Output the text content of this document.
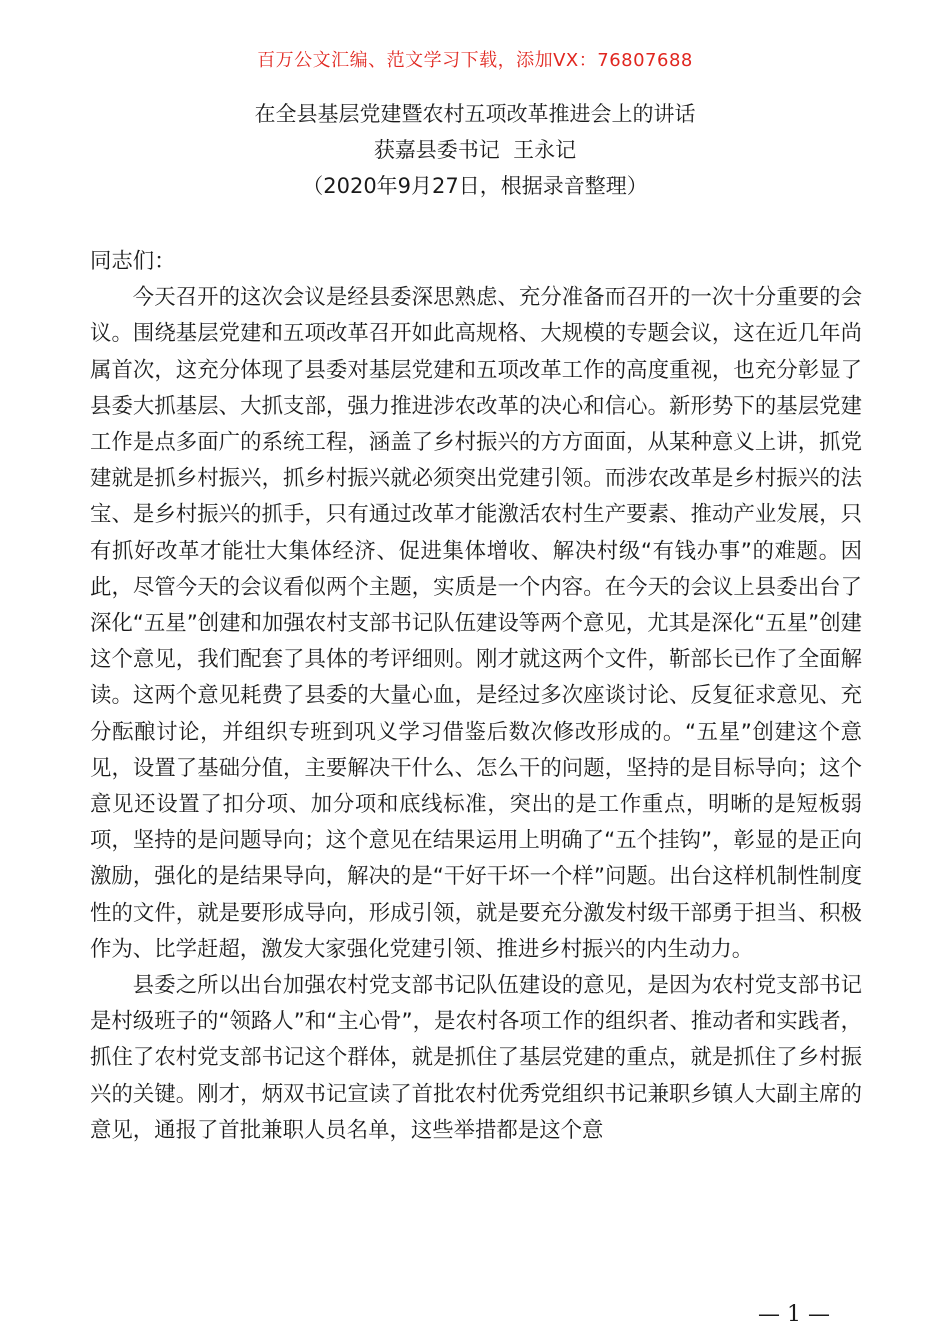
百万公文汇编、范文学习下载，添加VX：76807688
在全县基层党建暨农村五项改革推进会上的讲话
获嘉县委书记  王永记
（2020年9月27日，根据录音整理）

同志们：

今天召开的这次会议是经县委深思熟虑、充分准备而召开的一次十分重要的会议。围绕基层党建和五项改革召开如此高规格、大规模的专题会议，这在近几年尚属首次，这充分体现了县委对基层党建和五项改革工作的高度重视，也充分彰显了县委大抓基层、大抓支部，强力推进涉农改革的决心和信心。新形势下的基层党建工作是点多面广的系统工程，涵盖了乡村振兴的方方面面，从某种意义上讲，抓党建就是抓乡村振兴，抓乡村振兴就必须突出党建引领。而涉农改革是乡村振兴的法宝、是乡村振兴的抓手，只有通过改革才能激活农村生产要素、推动产业发展，只有抓好改革才能壮大集体经济、促进集体增收、解决村级“有钱办事”的难题。因此，尽管今天的会议看似两个主题，实质是一个内容。在今天的会议上县委出台了深化“五星”创建和加强农村支部书记队伍建设等两个意见，尤其是深化“五星”创建这个意见，我们配套了具体的考评细则。刚才就这两个文件，靳部长已作了全面解读。这两个意见耗费了县委的大量心血，是经过多次座谈讨论、反复征求意见、充分酝酿讨论，并组织专班到巩义学习借鉴后数次修改形成的。“五星”创建这个意见，设置了基础分值，主要解决干什么、怎么干的问题，坚持的是目标导向；这个意见还设置了扣分项、加分项和底线标准，突出的是工作重点，明晰的是短板弱项，坚持的是问题导向；这个意见在结果运用上明确了“五个挂钩”，彰显的是正向激励，强化的是结果导向，解决的是“干好干坏一个样”问题。出台这样机制性制度性的文件，就是要形成导向，形成引领，就是要充分激发村级干部勇于担当、积极作为、比学赶超，激发大家强化党建引领、推进乡村振兴的内生动力。

县委之所以出台加强农村党支部书记队伍建设的意见，是因为农村党支部书记是村级班子的“领路人”和“主心骨”，是农村各项工作的组织者、推动者和实践者，抓住了农村党支部书记这个群体，就是抓住了基层党建的重点，就是抓住了乡村振兴的关键。刚才，炳双书记宣读了首批农村优秀党组织书记兼职乡镇人大副主席的意见，通报了首批兼职人员名单，这些举措都是这个意

— 1 —
